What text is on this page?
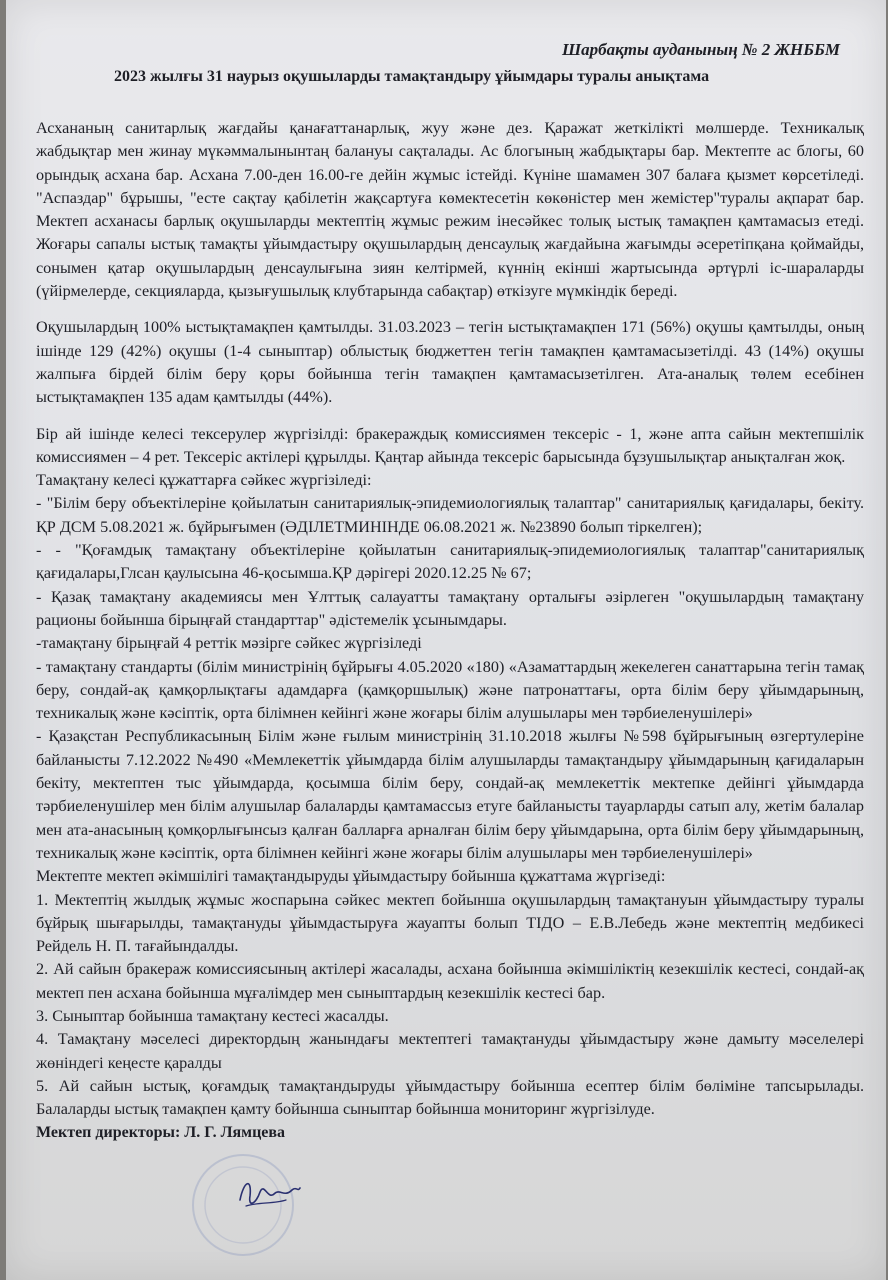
Шарбақты ауданының № 2 ЖНББМ
2023 жылғы 31 наурыз оқушыларды тамақтандыру ұйымдары туралы анықтама

Асхананың санитарлық жағдайы қанағаттанарлық, жуу және дез. Қаражат жеткілікті мөлшерде. Техникалық жабдықтар мен жинау мүкәммалынынтаң балануы сақталады. Ас блогының жабдықтары бар. Мектепте ас блогы, 60 орындық асхана бар. Асхана 7.00-ден 16.00-ге дейін жұмыс істейді. Күніне шамамен 307 балаға қызмет көрсетіледі. "Аспаздар" бұрышы, "есте сақтау қабілетін жақсартуға көмектесетін көкөністер мен жемістер"туралы ақпарат бар. Мектеп асханасы барлық оқушыларды мектептің жұмыс режим інесәйкес толық ыстық тамақпен қамтамасыз етеді. Жоғары сапалы ыстық тамақты ұйымдастыру оқушылардың денсаулық жағдайына жағымды әсеретіпқана қоймайды, сонымен қатар оқушылардың денсаулығына зиян келтірмей, күннің екінші жартысында әртүрлі іс-шараларды (үйірмелерде, секцияларда, қызығушылық клубтарында сабақтар) өткізуге мүмкіндік береді.

Оқушылардың 100% ыстықтамақпен қамтылды. 31.03.2023 – тегін ыстықтамақпен 171 (56%) оқушы қамтылды, оның ішінде 129 (42%) оқушы (1-4 сыныптар) облыстық бюджеттен тегін тамақпен қамтамасызетілді. 43 (14%) оқушы жалпыға бірдей білім беру қоры бойынша тегін тамақпен қамтамасызетілген. Ата-аналық төлем есебінен ыстықтамақпен 135 адам қамтылды (44%).

Бір ай ішінде келесі тексерулер жүргізілді: бракераждық комиссиямен тексеріс - 1, және апта сайын мектепшілік комиссиямен – 4 рет. Тексеріс актілері құрылды. Қаңтар айында тексеріс барысында бұзушылықтар анықталған жоқ.

Тамақтану келесі құжаттарға сәйкес жүргізіледі:

- "Білім беру объектілеріне қойылатын санитариялық-эпидемиологиялық талаптар" санитариялық қағидалары, бекіту. ҚР ДСМ 5.08.2021 ж. бұйрығымен (ӘДІЛЕТМИНІНДЕ 06.08.2021 ж. №23890 болып тіркелген);

- - "Қоғамдық тамақтану объектілеріне қойылатын санитариялық-эпидемиологиялық талаптар"санитариялық қағидалары,Глсан қаулысына 46-қосымша.ҚР дәрігері 2020.12.25 № 67;

- Қазақ тамақтану академиясы мен Ұлттық салауатты тамақтану орталығы әзірлеген "оқушылардың тамақтану рационы бойынша бірыңғай стандарттар" әдістемелік ұсынымдары.

-тамақтану бірыңғай 4 реттік мәзірге сәйкес жүргізіледі

- тамақтану стандарты (білім министрінің бұйрығы 4.05.2020 «180) «Азаматтардың жекелеген санаттарына тегін тамақ беру, сондай-ақ қамқорлықтағы адамдарға (қамқоршылық) және патронаттағы, орта білім беру ұйымдарының, техникалық және кәсіптік, орта білімнен кейінгі және жоғары білім алушылары мен тәрбиеленушілері»

- Қазақстан Республикасының Білім және ғылым министрінің 31.10.2018 жылғы №598 бұйрығының өзгертулеріне байланысты 7.12.2022 №490 «Мемлекеттік ұйымдарда білім алушыларды тамақтандыру ұйымдарының қағидаларын бекіту, мектептен тыс ұйымдарда, қосымша білім беру, сондай-ақ мемлекеттік мектепке дейінгі ұйымдарда тәрбиеленушілер мен білім алушылар балаларды қамтамассыз етуге байланысты тауарларды сатып алу, жетім балалар мен ата-анасының қомқорлығынсыз қалған балларға арналған білім беру ұйымдарына, орта білім беру ұйымдарының, техникалық және кәсіптік, орта білімнен кейінгі және жоғары білім алушылары мен тәрбиеленушілері»

Мектепте мектеп әкімшілігі тамақтандыруды ұйымдастыру бойынша құжаттама жүргізеді:

1. Мектептің жылдық жұмыс жоспарына сәйкес мектеп бойынша оқушылардың тамақтануын ұйымдастыру туралы бұйрық шығарылды, тамақтануды ұйымдастыруға жауапты болып ТІДО – Е.В.Лебедь және мектептің медбикесі Рейдель Н. П. тағайындалды.

2. Ай сайын бракераж комиссиясының актілері жасалады, асхана бойынша әкімшіліктің кезекшілік кестесі, сондай-ақ мектеп пен асхана бойынша мұғалімдер мен сыныптардың кезекшілік кестесі бар.

3. Сыныптар бойынша тамақтану кестесі жасалды.

4. Тамақтану мәселесі директордың жанындағы мектептегі тамақтануды ұйымдастыру және дамыту мәселелері жөніндегі кеңесте қаралды

5. Ай сайын ыстық, қоғамдық тамақтандыруды ұйымдастыру бойынша есептер білім бөліміне тапсырылады. Балаларды ыстық тамақпен қамту бойынша сыныптар бойынша мониторинг жүргізілуде.

Мектеп директоры: Л. Г. Лямцева
